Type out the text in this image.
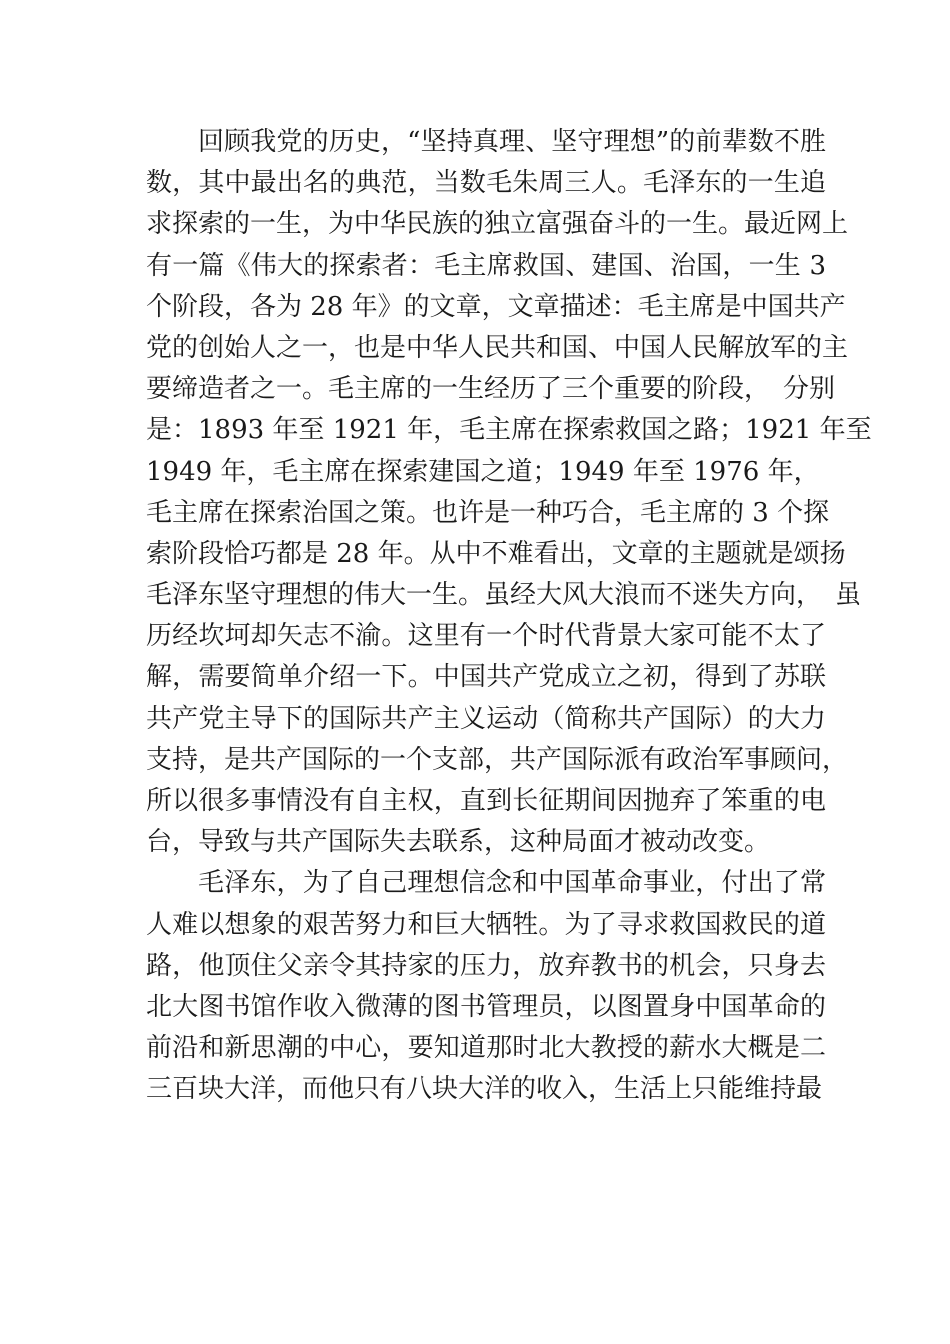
回顾我党的历史，“坚持真理、坚守理想”的前辈数不胜
数，其中最出名的典范，当数毛朱周三人。毛泽东的一生追
求探索的一生，为中华民族的独立富强奋斗的一生。最近网上
有一篇《伟大的探索者：毛主席救国、建国、治国，一生 3
个阶段，各为 28 年》的文章，文章描述：毛主席是中国共产
党的创始人之一，也是中华人民共和国、中国人民解放军的主
要缔造者之一。毛主席的一生经历了三个重要的阶段，　分别
是：1893 年至 1921 年，毛主席在探索救国之路；1921 年至
1949 年，毛主席在探索建国之道；1949 年至 1976 年，
毛主席在探索治国之策。也许是一种巧合，毛主席的 3 个探
索阶段恰巧都是 28 年。从中不难看出，文章的主题就是颂扬
毛泽东坚守理想的伟大一生。虽经大风大浪而不迷失方向，　虽
历经坎坷却矢志不渝。这里有一个时代背景大家可能不太了
解，需要简单介绍一下。中国共产党成立之初，得到了苏联
共产党主导下的国际共产主义运动（简称共产国际）的大力
支持，是共产国际的一个支部，共产国际派有政治军事顾问，
所以很多事情没有自主权，直到长征期间因抛弃了笨重的电
台，导致与共产国际失去联系，这种局面才被动改变。
毛泽东，为了自己理想信念和中国革命事业，付出了常
人难以想象的艰苦努力和巨大牺牲。为了寻求救国救民的道
路，他顶住父亲令其持家的压力，放弃教书的机会，只身去
北大图书馆作收入微薄的图书管理员，以图置身中国革命的
前沿和新思潮的中心，要知道那时北大教授的薪水大概是二
三百块大洋，而他只有八块大洋的收入，生活上只能维持最
